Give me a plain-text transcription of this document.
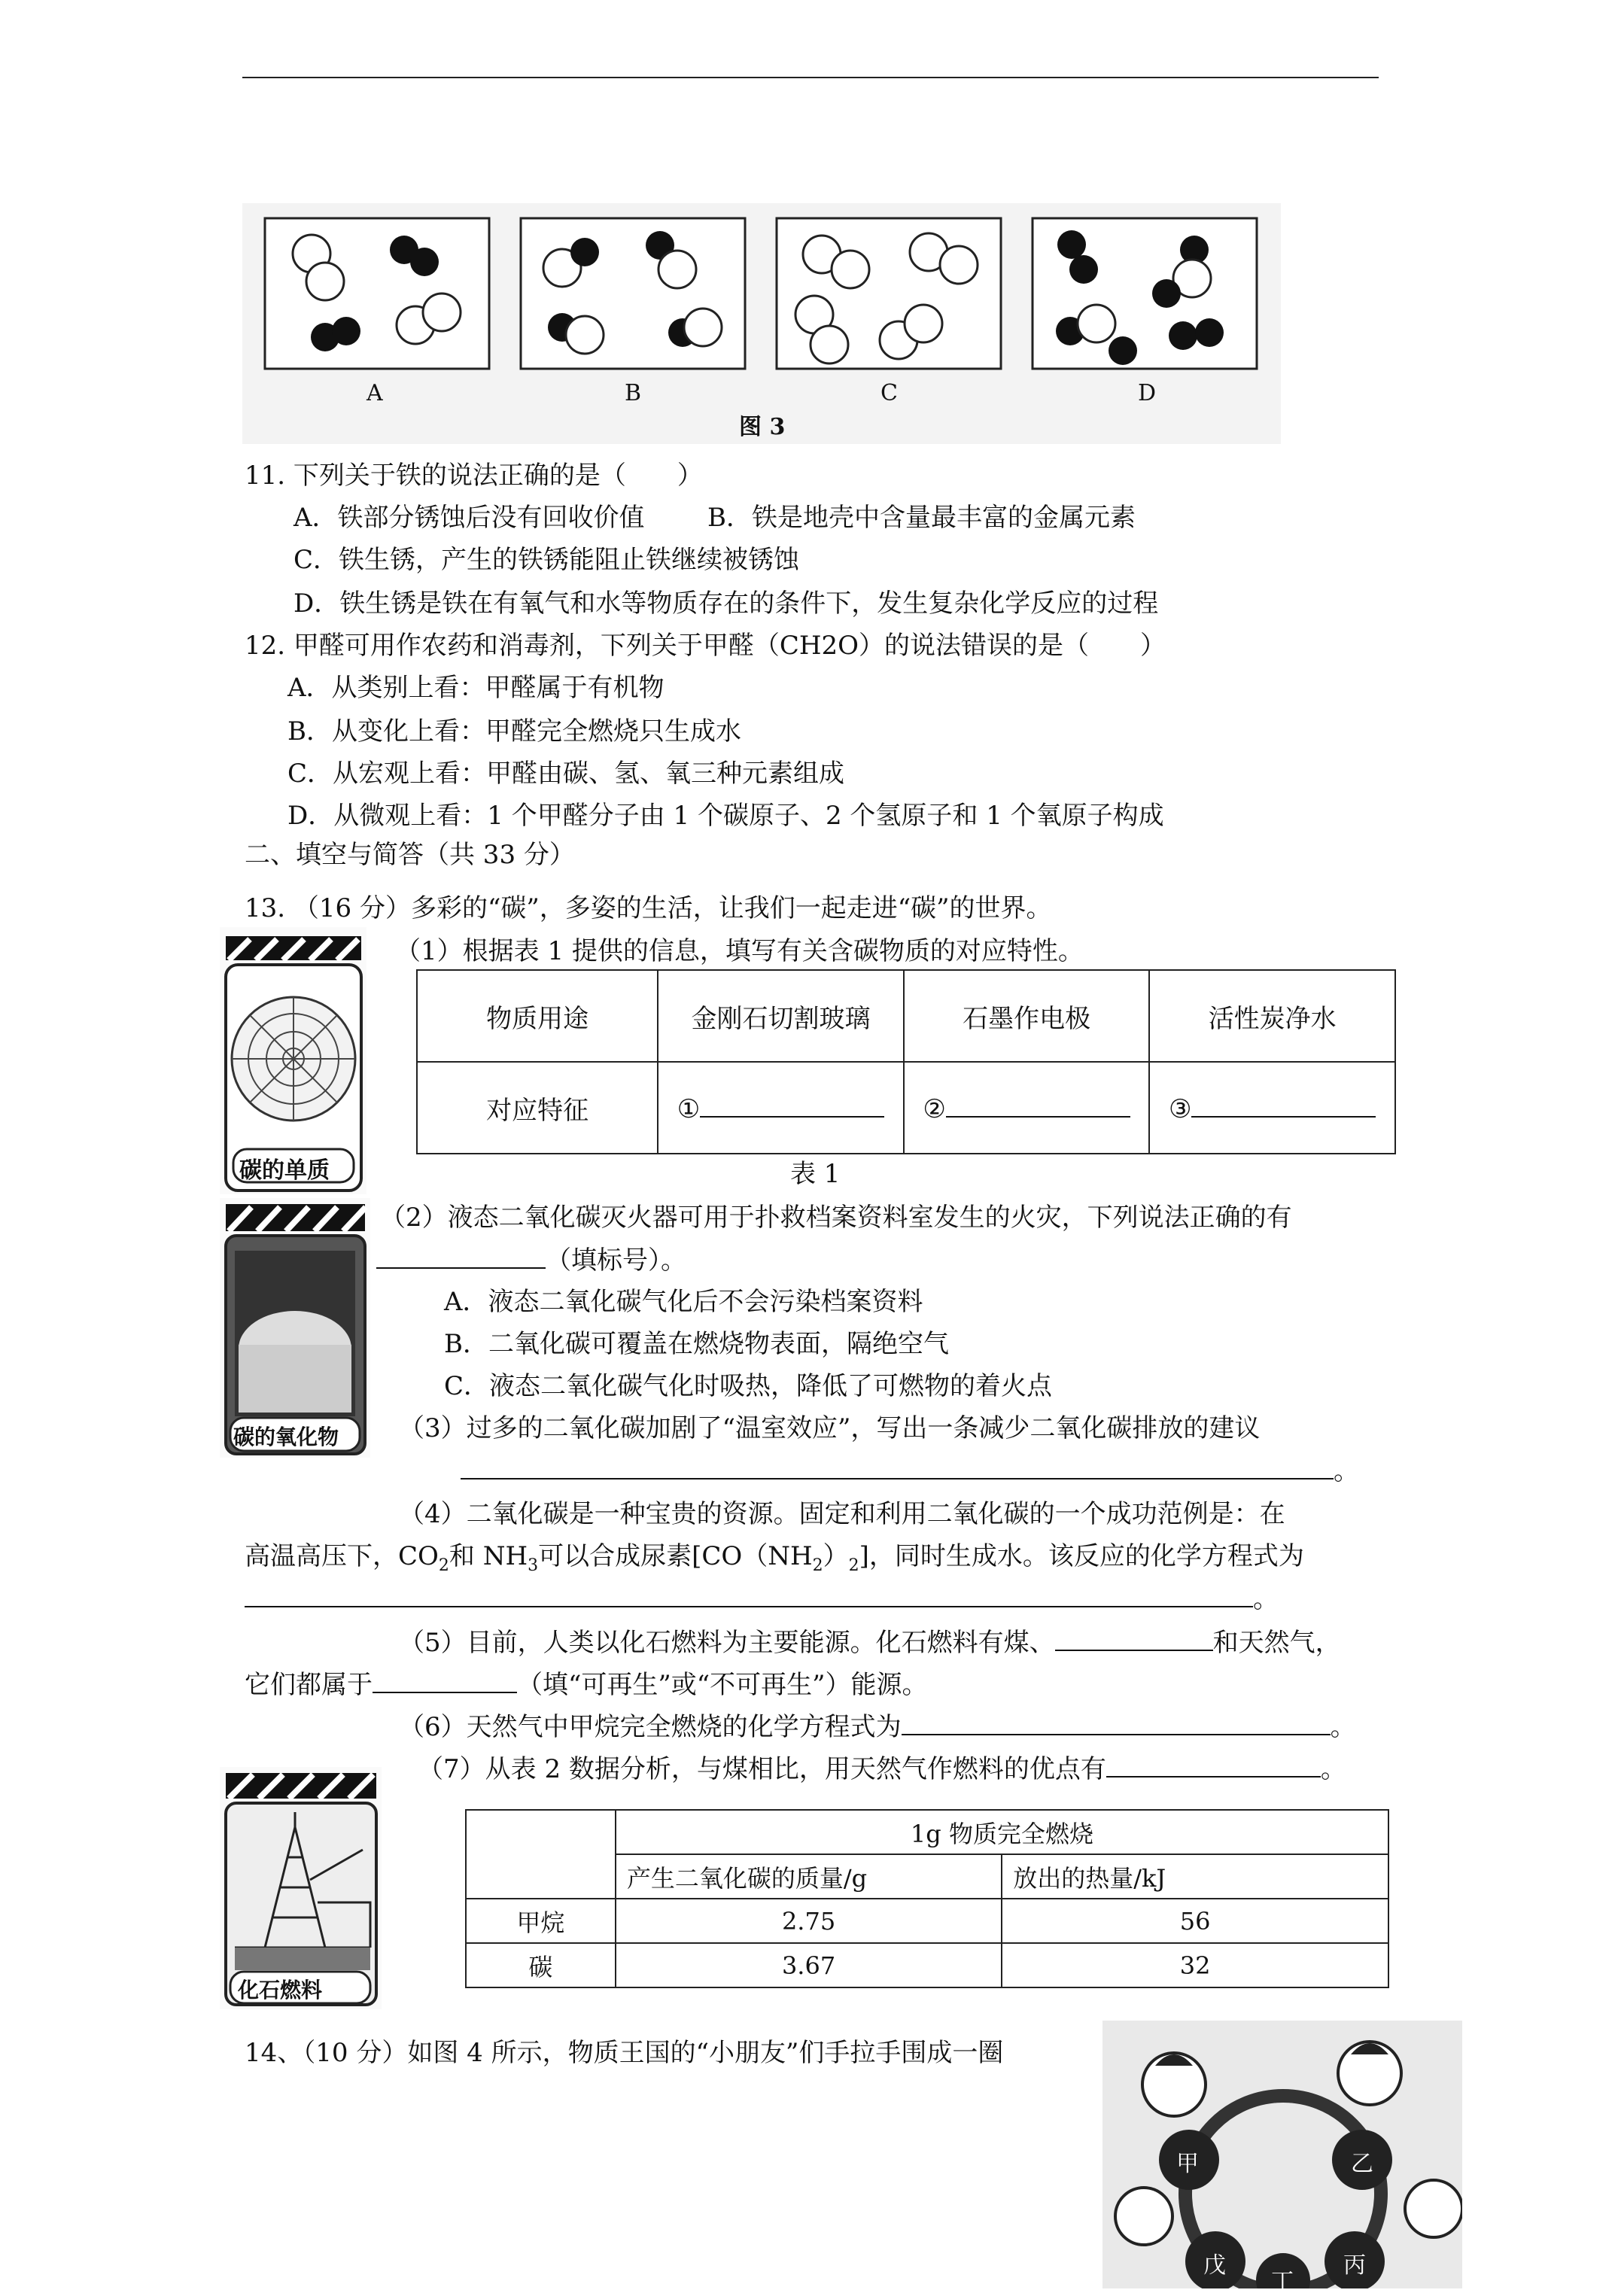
A	B	C	D
图 3
11. 下列关于铁的说法正确的是（　　）
A．铁部分锈蚀后没有回收价值 B．铁是地壳中含量最丰富的金属元素
C．铁生锈，产生的铁锈能阻止铁继续被锈蚀
D．铁生锈是铁在有氧气和水等物质存在的条件下，发生复杂化学反应的过程
12. 甲醛可用作农药和消毒剂，下列关于甲醛（CH2O）的说法错误的是（　　）
A．从类别上看：甲醛属于有机物
B．从变化上看：甲醛完全燃烧只生成水
C．从宏观上看：甲醛由碳、氢、氧三种元素组成
D．从微观上看：1 个甲醛分子由 1 个碳原子、2 个氢原子和 1 个氧原子构成
二、填空与简答（共 33 分）
13. （16 分）多彩的“碳”，多姿的生活，让我们一起走进“碳”的世界。
碳的单质
（1）根据表 1 提供的信息，填写有关含碳物质的对应特性。
物质用途	金刚石切割玻璃	石墨作电极	活性炭净水
对应特征	①	②	③
表 1
碳的氧化物
（2）液态二氧化碳灭火器可用于扑救档案资料室发生的火灾，下列说法正确的有
（填标号）。
A．液态二氧化碳气化后不会污染档案资料
B．二氧化碳可覆盖在燃烧物表面，隔绝空气
C．液态二氧化碳气化时吸热，降低了可燃物的着火点
（3）过多的二氧化碳加剧了“温室效应”，写出一条减少二氧化碳排放的建议
。
（4）二氧化碳是一种宝贵的资源。固定和利用二氧化碳的一个成功范例是：在
高温高压下，$CO_2$和 $NH_3$可以合成尿素$[CO(NH_2)_2]$，同时生成水。该反应的化学方程式为
。
（5）目前，人类以化石燃料为主要能源。化石燃料有煤、	和天然气，
它们都属于	（填“可再生”或“不可再生”）能源。
（6）天然气中甲烷完全燃烧的化学方程式为	。
化石燃料
（7）从表 2 数据分析，与煤相比，用天然气作燃料的优点有	。
	1g 物质完全燃烧	
	产生二氧化碳的质量/g	放出的热量/kJ
甲烷	2.75	56
碳	3.67	32
14、（10 分）如图 4 所示，物质王国的“小朋友”们手拉手围成一圈
甲	乙
丙
丁
戊
